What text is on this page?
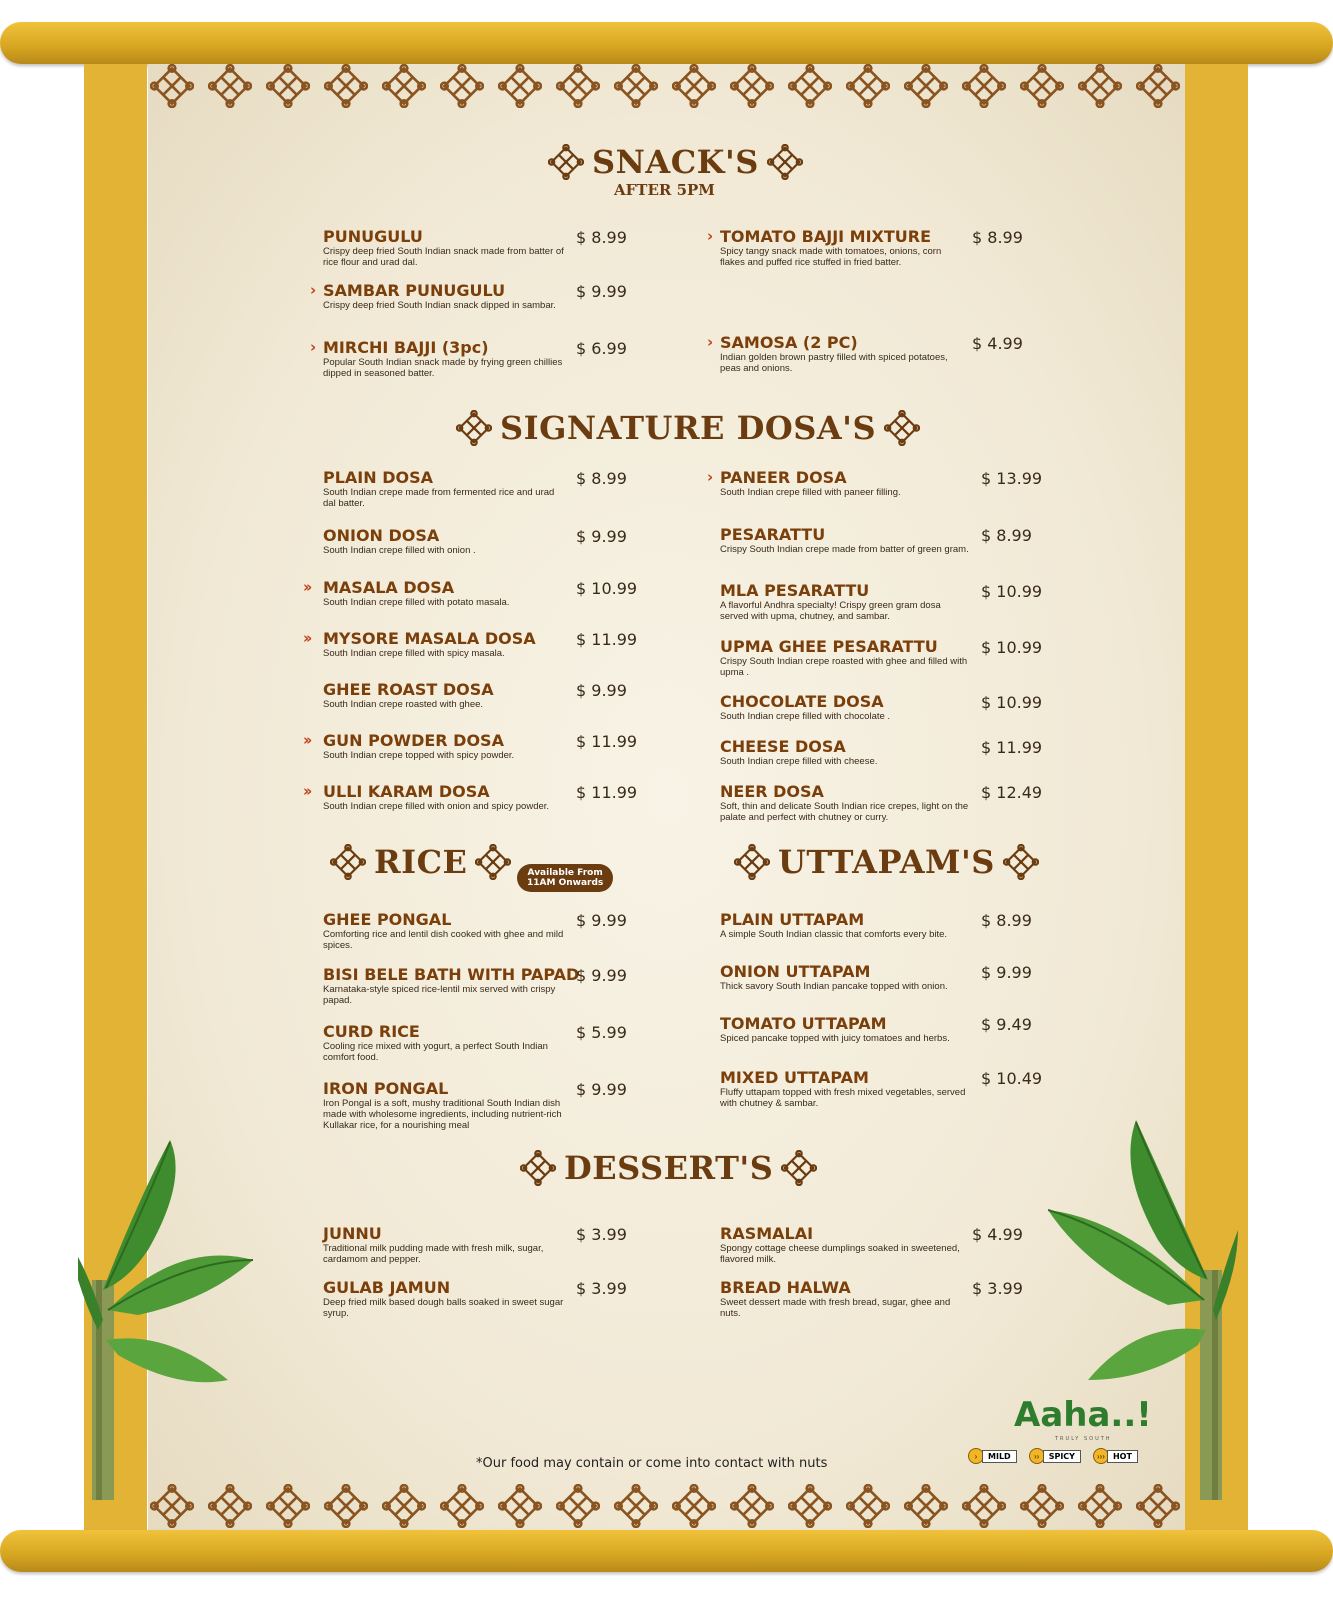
SNACK'S
AFTER 5PM
PUNUGULU
Crispy deep fried South Indian snack made from batter of rice flour and urad dal.
$ 8.99
› SAMBAR PUNUGULU
Crispy deep fried South Indian snack dipped in sambar.
$ 9.99
› MIRCHI BAJJI (3pc)
Popular South Indian snack made by frying green chillies dipped in seasoned batter.
$ 6.99
› TOMATO BAJJI MIXTURE
Spicy tangy snack made with tomatoes, onions, corn flakes and puffed rice stuffed in fried batter.
$ 8.99
› SAMOSA (2 PC)
Indian golden brown pastry filled with spiced potatoes, peas and onions.
$ 4.99
SIGNATURE DOSA'S
PLAIN DOSA
South Indian crepe made from fermented rice and urad dal batter.
$ 8.99
ONION DOSA
South Indian crepe filled with onion .
$ 9.99
›› MASALA DOSA
South Indian crepe filled with potato masala.
$ 10.99
›› MYSORE MASALA DOSA
South Indian crepe filled with spicy masala.
$ 11.99
GHEE ROAST DOSA
South Indian crepe roasted with ghee.
$ 9.99
›› GUN POWDER DOSA
South Indian crepe topped with spicy powder.
$ 11.99
›› ULLI KARAM DOSA
South Indian crepe filled with onion and spicy powder.
$ 11.99
› PANEER DOSA
South Indian crepe filled with paneer filling.
$ 13.99
PESARATTU
Crispy South Indian crepe made from batter of green gram.
$ 8.99
MLA PESARATTU
A flavorful Andhra specialty! Crispy green gram dosa served with upma, chutney, and sambar.
$ 10.99
UPMA GHEE PESARATTU
Crispy South Indian crepe roasted with ghee and filled with upma .
$ 10.99
CHOCOLATE DOSA
South Indian crepe filled with chocolate .
$ 10.99
CHEESE DOSA
South Indian crepe filled with cheese.
$ 11.99
NEER DOSA
Soft, thin and delicate South Indian rice crepes, light on the palate and perfect with chutney or curry.
$ 12.49
RICE	Available From
11AM Onwards
UTTAPAM'S
GHEE PONGAL
Comforting rice and lentil dish cooked with ghee and mild spices.
$ 9.99
BISI BELE BATH WITH PAPAD
Karnataka-style spiced rice-lentil mix served with crispy papad.
$ 9.99
CURD RICE
Cooling rice mixed with yogurt, a perfect South Indian comfort food.
$ 5.99
IRON PONGAL
Iron Pongal is a soft, mushy traditional South Indian dish made with wholesome ingredients, including nutrient-rich Kullakar rice, for a nourishing meal
$ 9.99
PLAIN UTTAPAM
A simple South Indian classic that comforts every bite.
$ 8.99
ONION UTTAPAM
Thick savory South Indian pancake topped with onion.
$ 9.99
TOMATO UTTAPAM
Spiced pancake topped with juicy tomatoes and herbs.
$ 9.49
MIXED UTTAPAM
Fluffy uttapam topped with fresh mixed vegetables, served with chutney & sambar.
$ 10.49
DESSERT'S
JUNNU
Traditional milk pudding made with fresh milk, sugar, cardamom and pepper.
$ 3.99
GULAB JAMUN
Deep fried milk based dough balls soaked in sweet sugar syrup.
$ 3.99
RASMALAI
Spongy cottage cheese dumplings soaked in sweetened, flavored milk.
$ 4.99
BREAD HALWA
Sweet dessert made with fresh bread, sugar, ghee and nuts.
$ 3.99
*Our food may contain or come into contact with nuts
Aaha..!
TRULY SOUTH
›	MILD	››	SPICY	›››	HOT
